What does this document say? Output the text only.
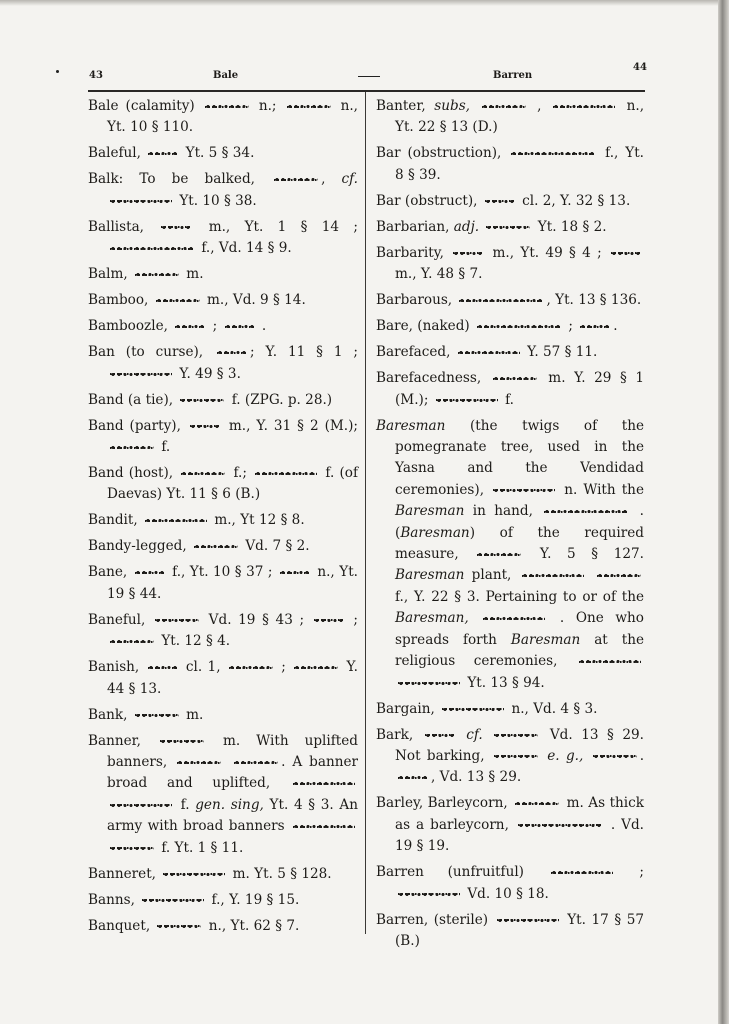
43	Bale	Barren
44

Bale (calamity)	n.;	n., Yt. 10 § 110.

Baleful,	Yt. 5 § 34.

Balk: To be balked,	, cf.  Yt. 10 § 38.

Ballista,	m., Yt. 1 § 14 ;  f., Vd. 14 § 9.

Balm,	m.

Bamboo,	m., Vd. 9 § 14.

Bamboozle,	;	.

Ban (to curse),	; Y. 11 § 1 ;  Y. 49 § 3.

Band (a tie),	f. (ZPG. p. 28.)

Band (party),	m., Y. 31 § 2 (M.);  f.

Band (host),	f.;	f. (of Daevas) Yt. 11 § 6 (B.)

Bandit,	m., Yt 12 § 8.

Bandy-legged,	Vd. 7 § 2.

Bane,	f., Yt. 10 § 37 ;	n., Yt. 19 § 44.

Baneful,	Vd. 19 § 43 ;	;  Yt. 12 § 4.

Banish,	cl. 1,	;	Y. 44 § 13.

Bank,	m.

Banner,	m. With uplifted banners,	. A banner broad and uplifted,   f. gen. sing, Yt. 4 § 3. An army with broad banners   f. Yt. 1 § 11.

Banneret,	m. Yt. 5 § 128.

Banns,	f., Y. 19 § 15.

Banquet,	n., Yt. 62 § 7.

Banter, subs,	,	n., Yt. 22 § 13 (D.)

Bar (obstruction),	f., Yt. 8 § 39.

Bar (obstruct),	cl. 2, Y. 32 § 13.

Barbarian, adj.	Yt. 18 § 2.

Barbarity,	m., Yt. 49 § 4 ;  m., Y. 48 § 7.

Barbarous,	, Yt. 13 § 136.

Bare, (naked)	;	.

Barefaced,	Y. 57 § 11.

Barefacedness,	m. Y. 29 § 1 (M.);	f.

Baresman (the twigs of the pomegranate tree, used in the Yasna and the Vendidad ceremonies),	n. With the Baresman in hand,	. (Baresman) of the required measure,	Y. 5 § 127. Baresman plant,   f., Y. 22 § 3. Pertaining to or of the Baresman,	. One who spreads forth Baresman at the religious ceremonies,   Yt. 13 § 94.

Bargain,	n., Vd. 4 § 3.

Bark,	cf.	Vd. 13 § 29. Not barking,	e. g.,	. , Vd. 13 § 29.

Barley, Barleycorn,	m. As thick as a barleycorn,	. Vd. 19 § 19.

Barren (unfruitful)	;  Vd. 10 § 18.

Barren, (sterile)	Yt. 17 § 57 (B.)
